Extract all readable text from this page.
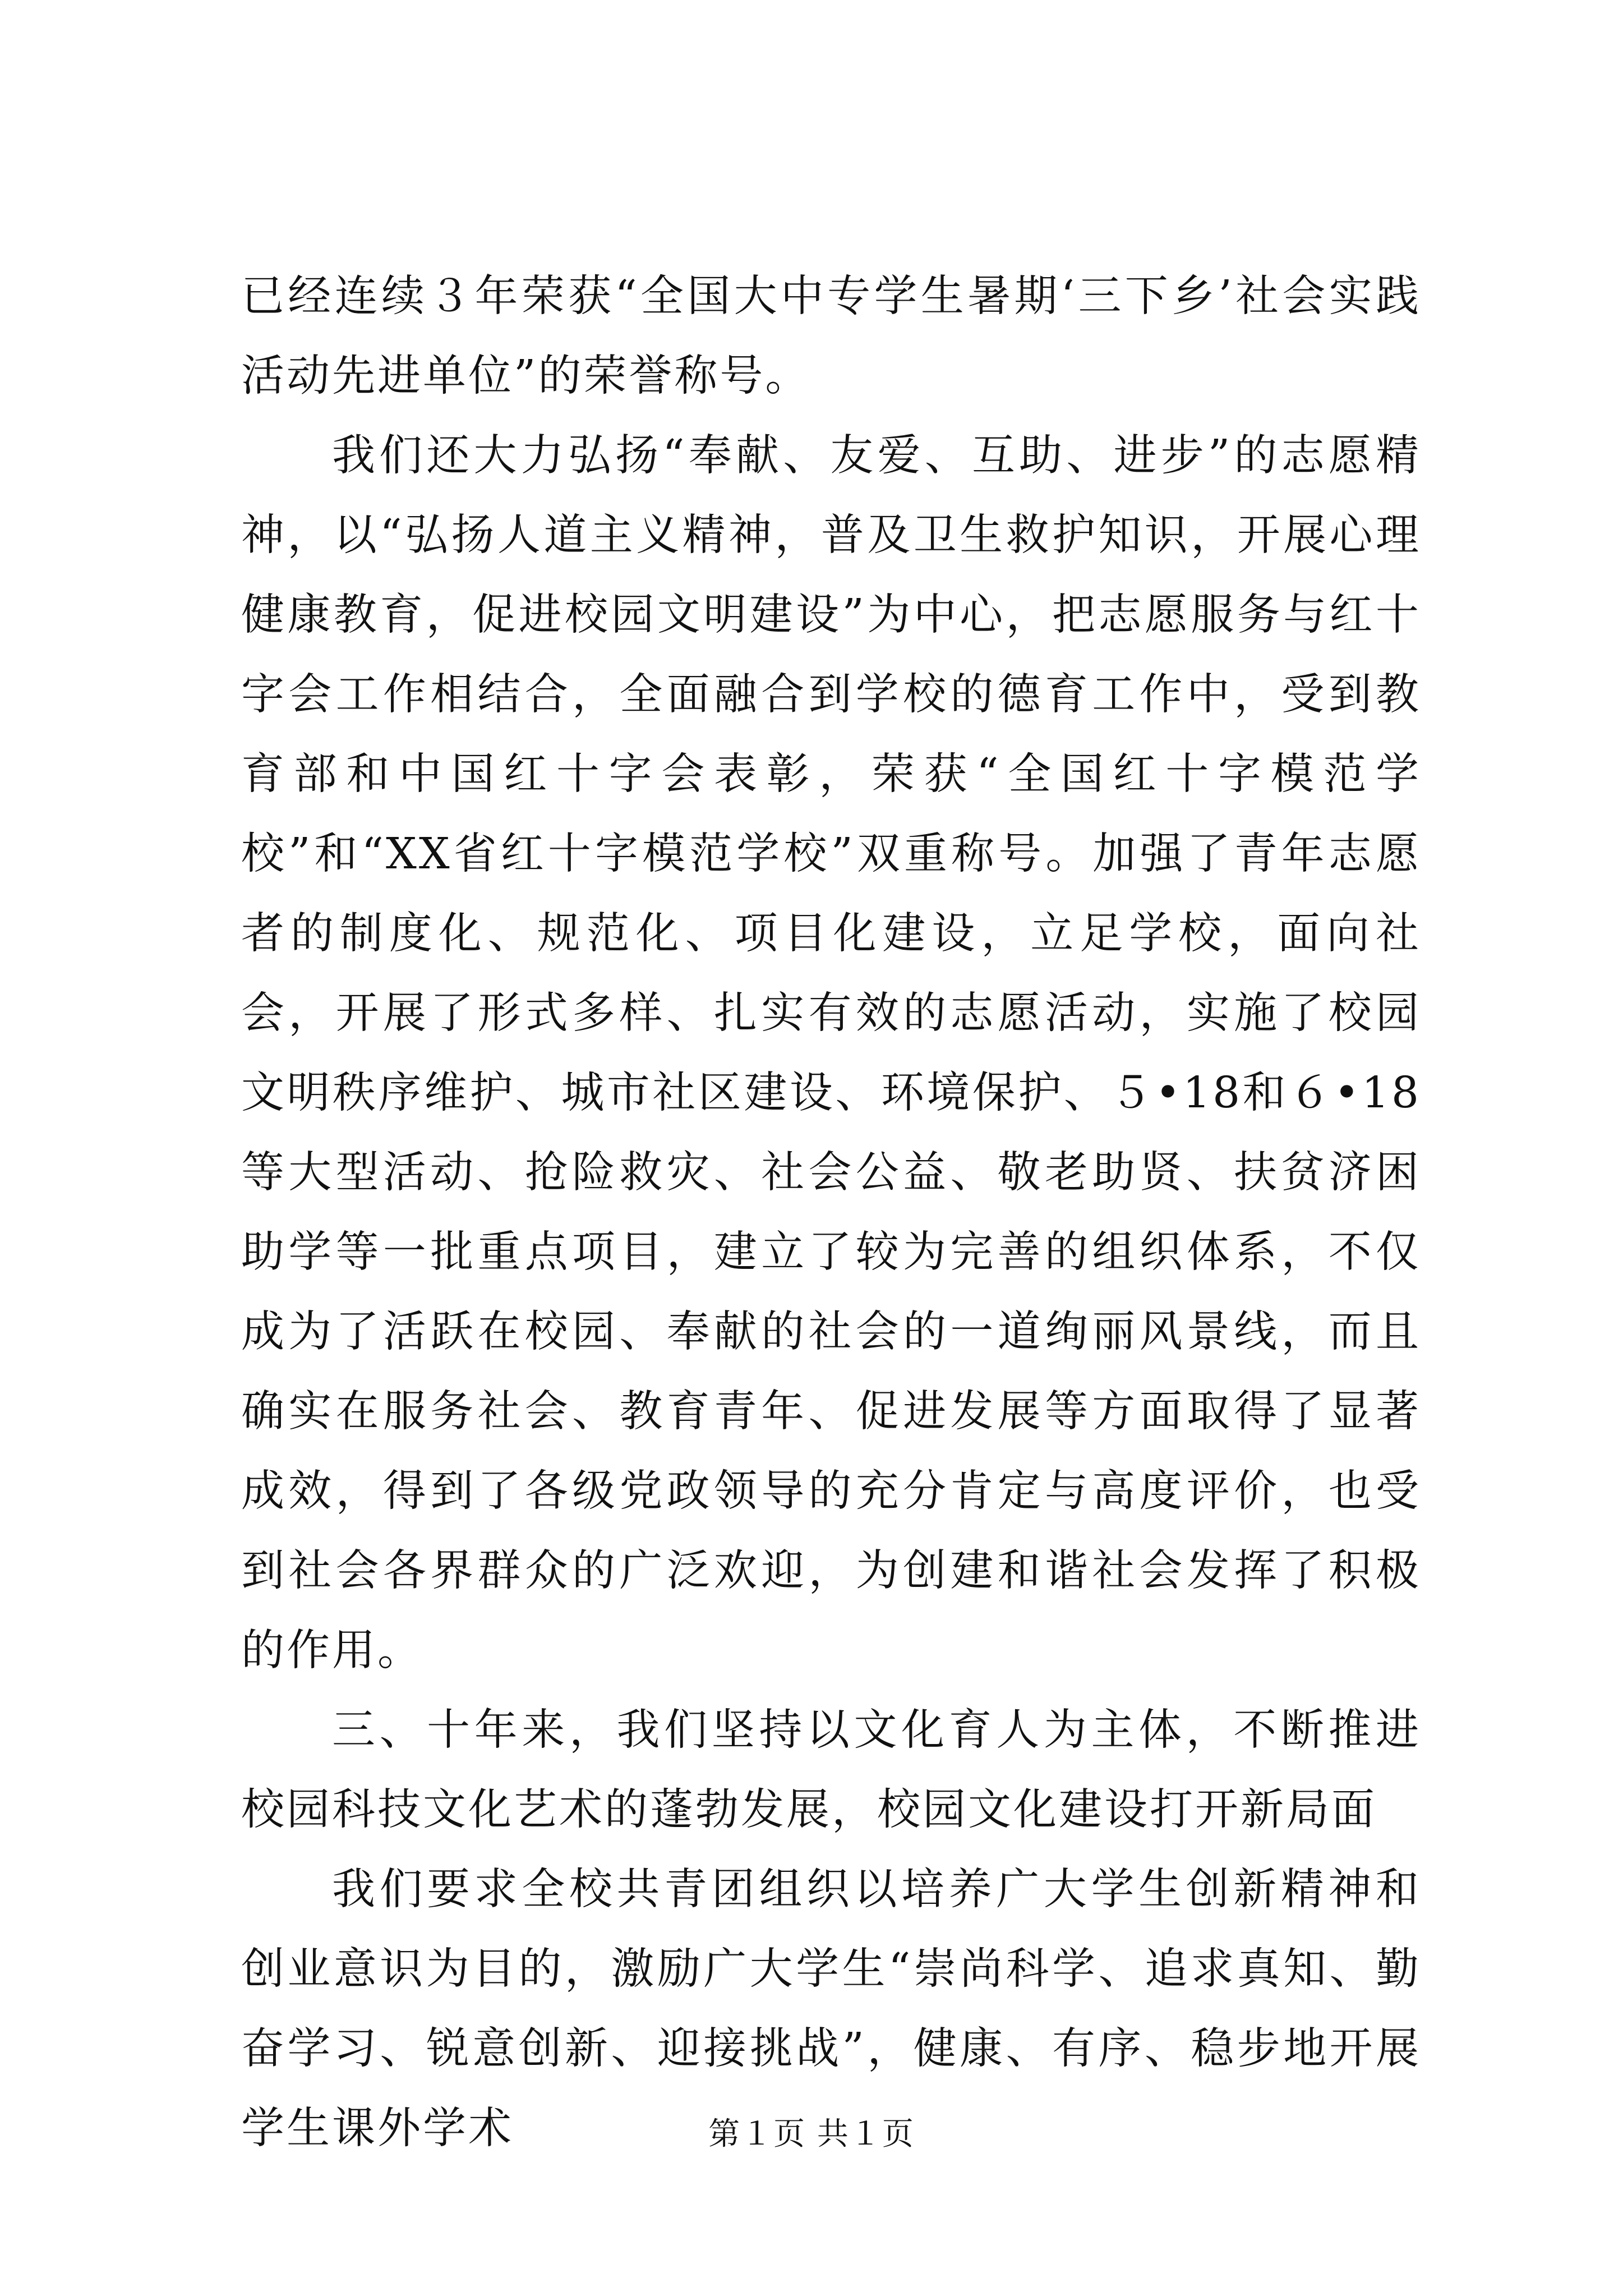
已经连续３年荣获“全国大中专学生暑期‘三下乡’社会实践活动先进单位”的荣誉称号。

我们还大力弘扬“奉献、友爱、互助、进步”的志愿精神，以“弘扬人道主义精神，普及卫生救护知识，开展心理健康教育，促进校园文明建设”为中心，把志愿服务与红十字会工作相结合，全面融合到学校的德育工作中，受到教育部和中国红十字会表彰，荣获“全国红十字模范学校”和“XX省红十字模范学校”双重称号。加强了青年志愿者的制度化、规范化、项目化建设，立足学校，面向社会，开展了形式多样、扎实有效的志愿活动，实施了校园文明秩序维护、城市社区建设、环境保护、５•18和６•18等大型活动、抢险救灾、社会公益、敬老助贤、扶贫济困助学等一批重点项目，建立了较为完善的组织体系，不仅成为了活跃在校园、奉献的社会的一道绚丽风景线，而且确实在服务社会、教育青年、促进发展等方面取得了显著成效，得到了各级党政领导的充分肯定与高度评价，也受到社会各界群众的广泛欢迎，为创建和谐社会发挥了积极的作用。

三、十年来，我们坚持以文化育人为主体，不断推进校园科技文化艺术的蓬勃发展，校园文化建设打开新局面

我们要求全校共青团组织以培养广大学生创新精神和创业意识为目的，激励广大学生“崇尚科学、追求真知、勤奋学习、锐意创新、迎接挑战”，健康、有序、稳步地开展学生课外学术	第１页 共１页
